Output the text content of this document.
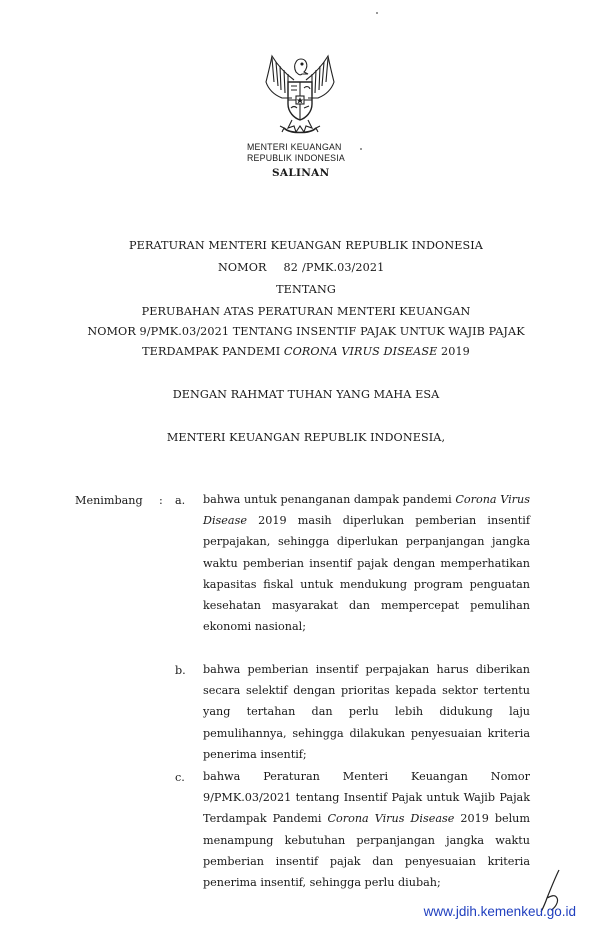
MENTERI KEUANGAN
REPUBLIK INDONESIA
SALINAN
PERATURAN MENTERI KEUANGAN REPUBLIK INDONESIA
NOMOR 82 /PMK.03/2021
TENTANG
PERUBAHAN ATAS PERATURAN MENTERI KEUANGAN
NOMOR 9/PMK.03/2021 TENTANG INSENTIF PAJAK UNTUK WAJIB PAJAK
TERDAMPAK PANDEMI CORONA VIRUS DISEASE 2019
DENGAN RAHMAT TUHAN YANG MAHA ESA
MENTERI KEUANGAN REPUBLIK INDONESIA,
Menimbang : a. bahwa untuk penanganan dampak pandemi Corona Virus Disease 2019 masih diperlukan pemberian insentif perpajakan, sehingga diperlukan perpanjangan jangka waktu pemberian insentif pajak dengan memperhatikan kapasitas fiskal untuk mendukung program penguatan kesehatan masyarakat dan mempercepat pemulihan ekonomi nasional;
b. bahwa pemberian insentif perpajakan harus diberikan secara selektif dengan prioritas kepada sektor tertentu yang tertahan dan perlu lebih didukung laju pemulihannya, sehingga dilakukan penyesuaian kriteria penerima insentif;
c. bahwa Peraturan Menteri Keuangan Nomor 9/PMK.03/2021 tentang Insentif Pajak untuk Wajib Pajak Terdampak Pandemi Corona Virus Disease 2019 belum menampung kebutuhan perpanjangan jangka waktu pemberian insentif pajak dan penyesuaian kriteria penerima insentif, sehingga perlu diubah;
www.jdih.kemenkeu.go.id
